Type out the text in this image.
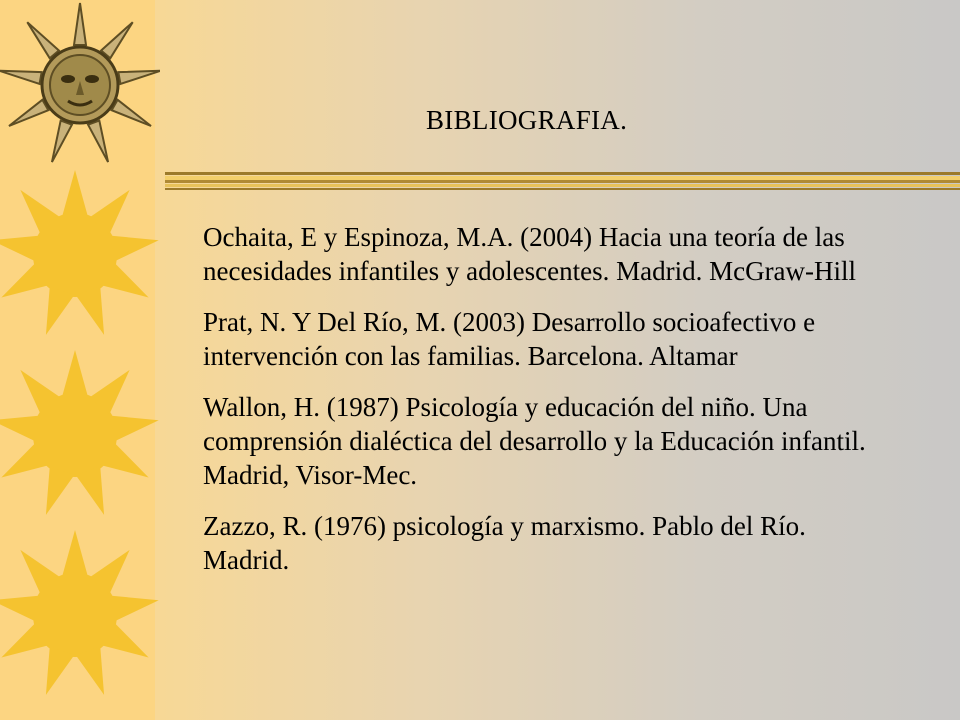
BIBLIOGRAFIA.

Ochaita, E y Espinoza, M.A. (2004) Hacia una teoría de las necesidades infantiles y adolescentes. Madrid. McGraw-Hill

Prat, N. Y Del Río, M. (2003) Desarrollo socioafectivo e intervención con las familias. Barcelona. Altamar

Wallon, H. (1987) Psicología y educación del niño. Una comprensión dialéctica del desarrollo y la Educación infantil. Madrid, Visor-Mec.

Zazzo, R. (1976) psicología y marxismo. Pablo del Río. Madrid.
